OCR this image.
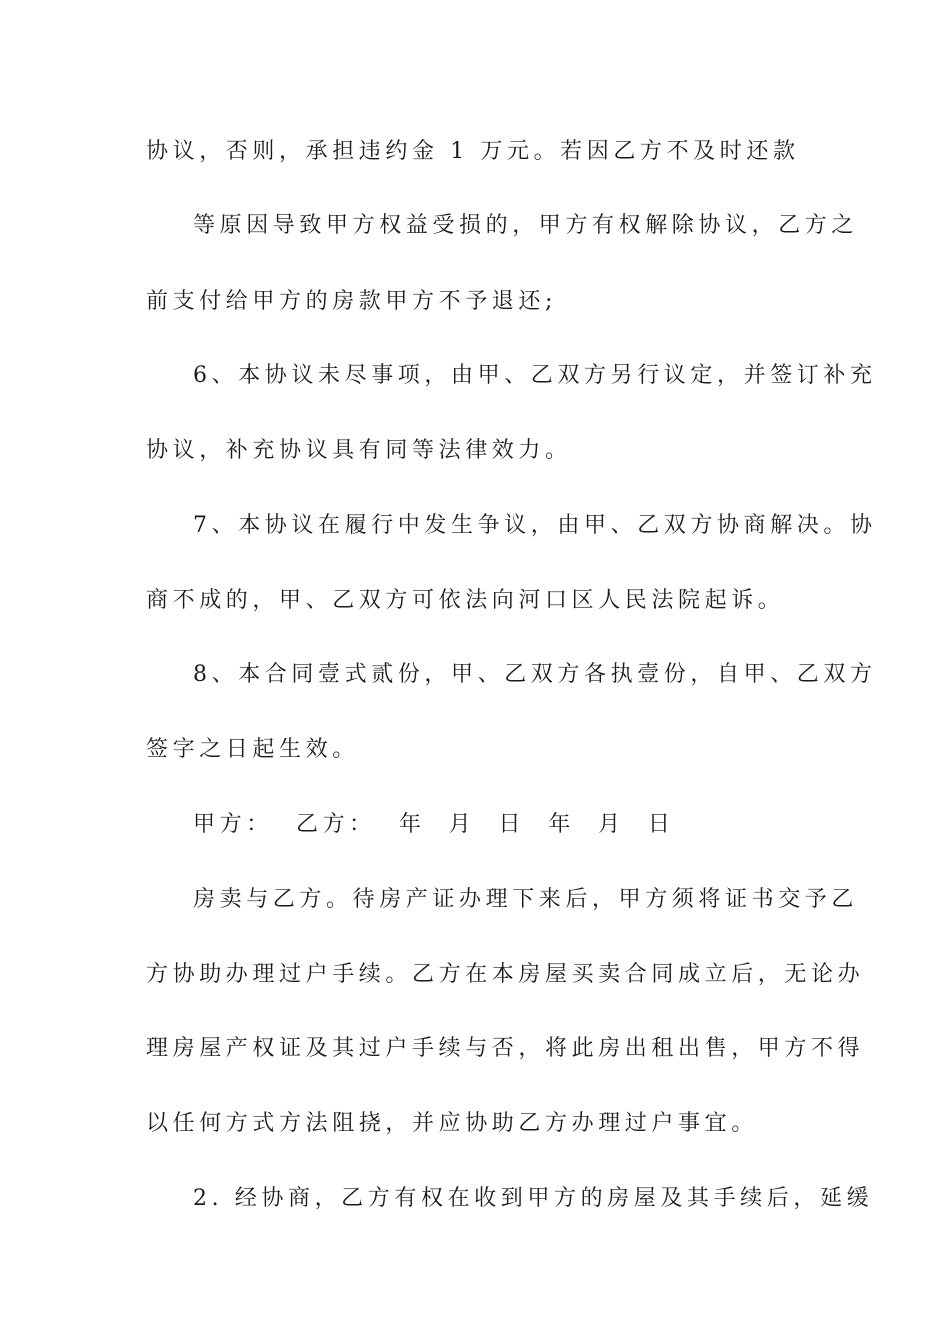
协议，否则，承担违约金 1 万元。若因乙方不及时还款
等原因导致甲方权益受损的，甲方有权解除协议，乙方之
前支付给甲方的房款甲方不予退还;
6、本协议未尽事项，由甲、乙双方另行议定，并签订补充
协议，补充协议具有同等法律效力。
7、本协议在履行中发生争议，由甲、乙双方协商解决。协
商不成的，甲、乙双方可依法向河口区人民法院起诉。
8、本合同壹式贰份，甲、乙双方各执壹份，自甲、乙双方
签字之日起生效。
甲方：  乙方：  年  月  日  年  月  日
房卖与乙方。待房产证办理下来后，甲方须将证书交予乙
方协助办理过户手续。乙方在本房屋买卖合同成立后，无论办
理房屋产权证及其过户手续与否，将此房出租出售，甲方不得
以任何方式方法阻挠，并应协助乙方办理过户事宜。
2. 经协商，乙方有权在收到甲方的房屋及其手续后，延缓
